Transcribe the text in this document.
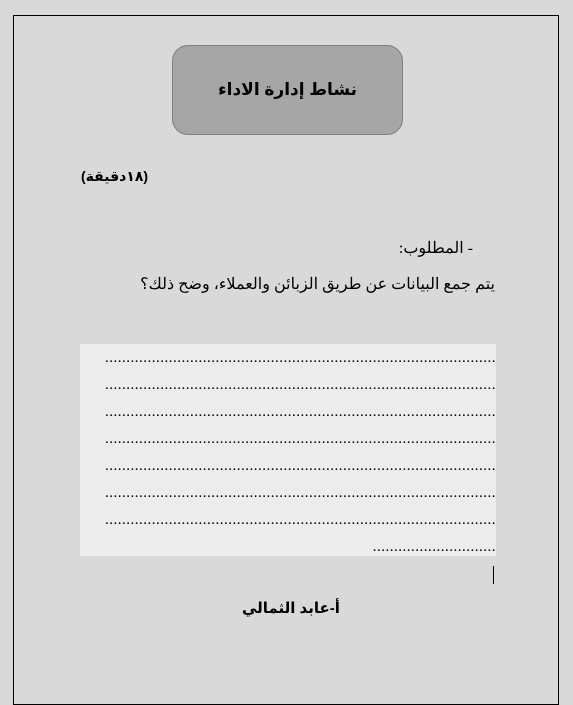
نشاط إدارة الاداء
(١٨دقيقة)
- المطلوب:
يتم جمع البيانات عن طريق الزبائن والعملاء، وضح ذلك؟
............................................................................................
............................................................................................
............................................................................................
............................................................................................
............................................................................................
............................................................................................
............................................................................................
.............................
أ-عابد الثمالي
